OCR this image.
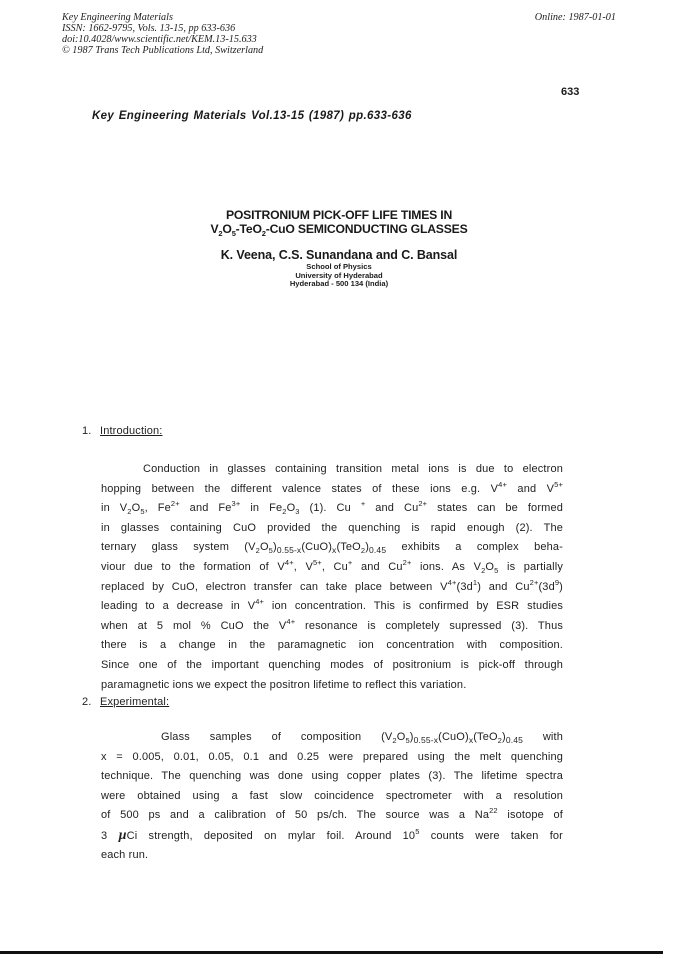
Key Engineering Materials
ISSN: 1662-9795, Vols. 13-15, pp 633-636
doi:10.4028/www.scientific.net/KEM.13-15.633
© 1987 Trans Tech Publications Ltd, Switzerland
Online: 1987-01-01
633
Key Engineering Materials Vol.13-15 (1987) pp.633-636
POSITRONIUM PICK-OFF LIFE TIMES IN
$V_2O_5-TeO_2$-CuO SEMICONDUCTING GLASSES
K. Veena, C.S. Sunandana and C. Bansal
School of Physics
University of Hyderabad
Hyderabad - 500 134 (India)
1. Introduction:
Conduction in glasses containing transition metal ions is due to electron
hopping between the different valence states of these ions e.g. $V^{4+}$ and $V^{5+}$
in $V_2O_5$, $Fe^{2+}$ and $Fe^{3+}$ in $Fe_2O_3$ (1). Cu + and $Cu^{2+}$ states can be formed
in glasses containing CuO provided the quenching is rapid enough (2). The
ternary glass system $(V_2O_5)_{0.55-x}(CuO)_x(TeO_2)_{0.45}$ exhibits a complex beha-
viour due to the formation of $V^{4+}$, $V^{5+}$, Cu+ and $Cu^{2+}$ ions. As $V_2O_5$ is partially
replaced by CuO, electron transfer can take place between $V^{4+}(3d^1)$ and $Cu^{2+}(3d^9)$
leading to a decrease in $V^{4+}$ ion concentration. This is confirmed by ESR studies
when at 5 mol % CuO the $V^{4+}$ resonance is completely supressed (3). Thus
there is a change in the paramagnetic ion concentration with composition.
Since one of the important quenching modes of positronium is pick-off through
paramagnetic ions we expect the positron lifetime to reflect this variation.
2. Experimental:
Glass samples of composition $(V_2O_5)_{0.55-x}(CuO)_x(TeO_2)_{0.45}$ with
x = 0.005, 0.01, 0.05, 0.1 and 0.25 were prepared using the melt quenching
technique. The quenching was done using copper plates (3). The lifetime spectra
were obtained using a fast slow coincidence spectrometer with a resolution
of 500 ps and a calibration of 50 ps/ch. The source was a Na$^{22}$ isotope of
3 µCi strength, deposited on mylar foil. Around $10^5$ counts were taken for
each run.
